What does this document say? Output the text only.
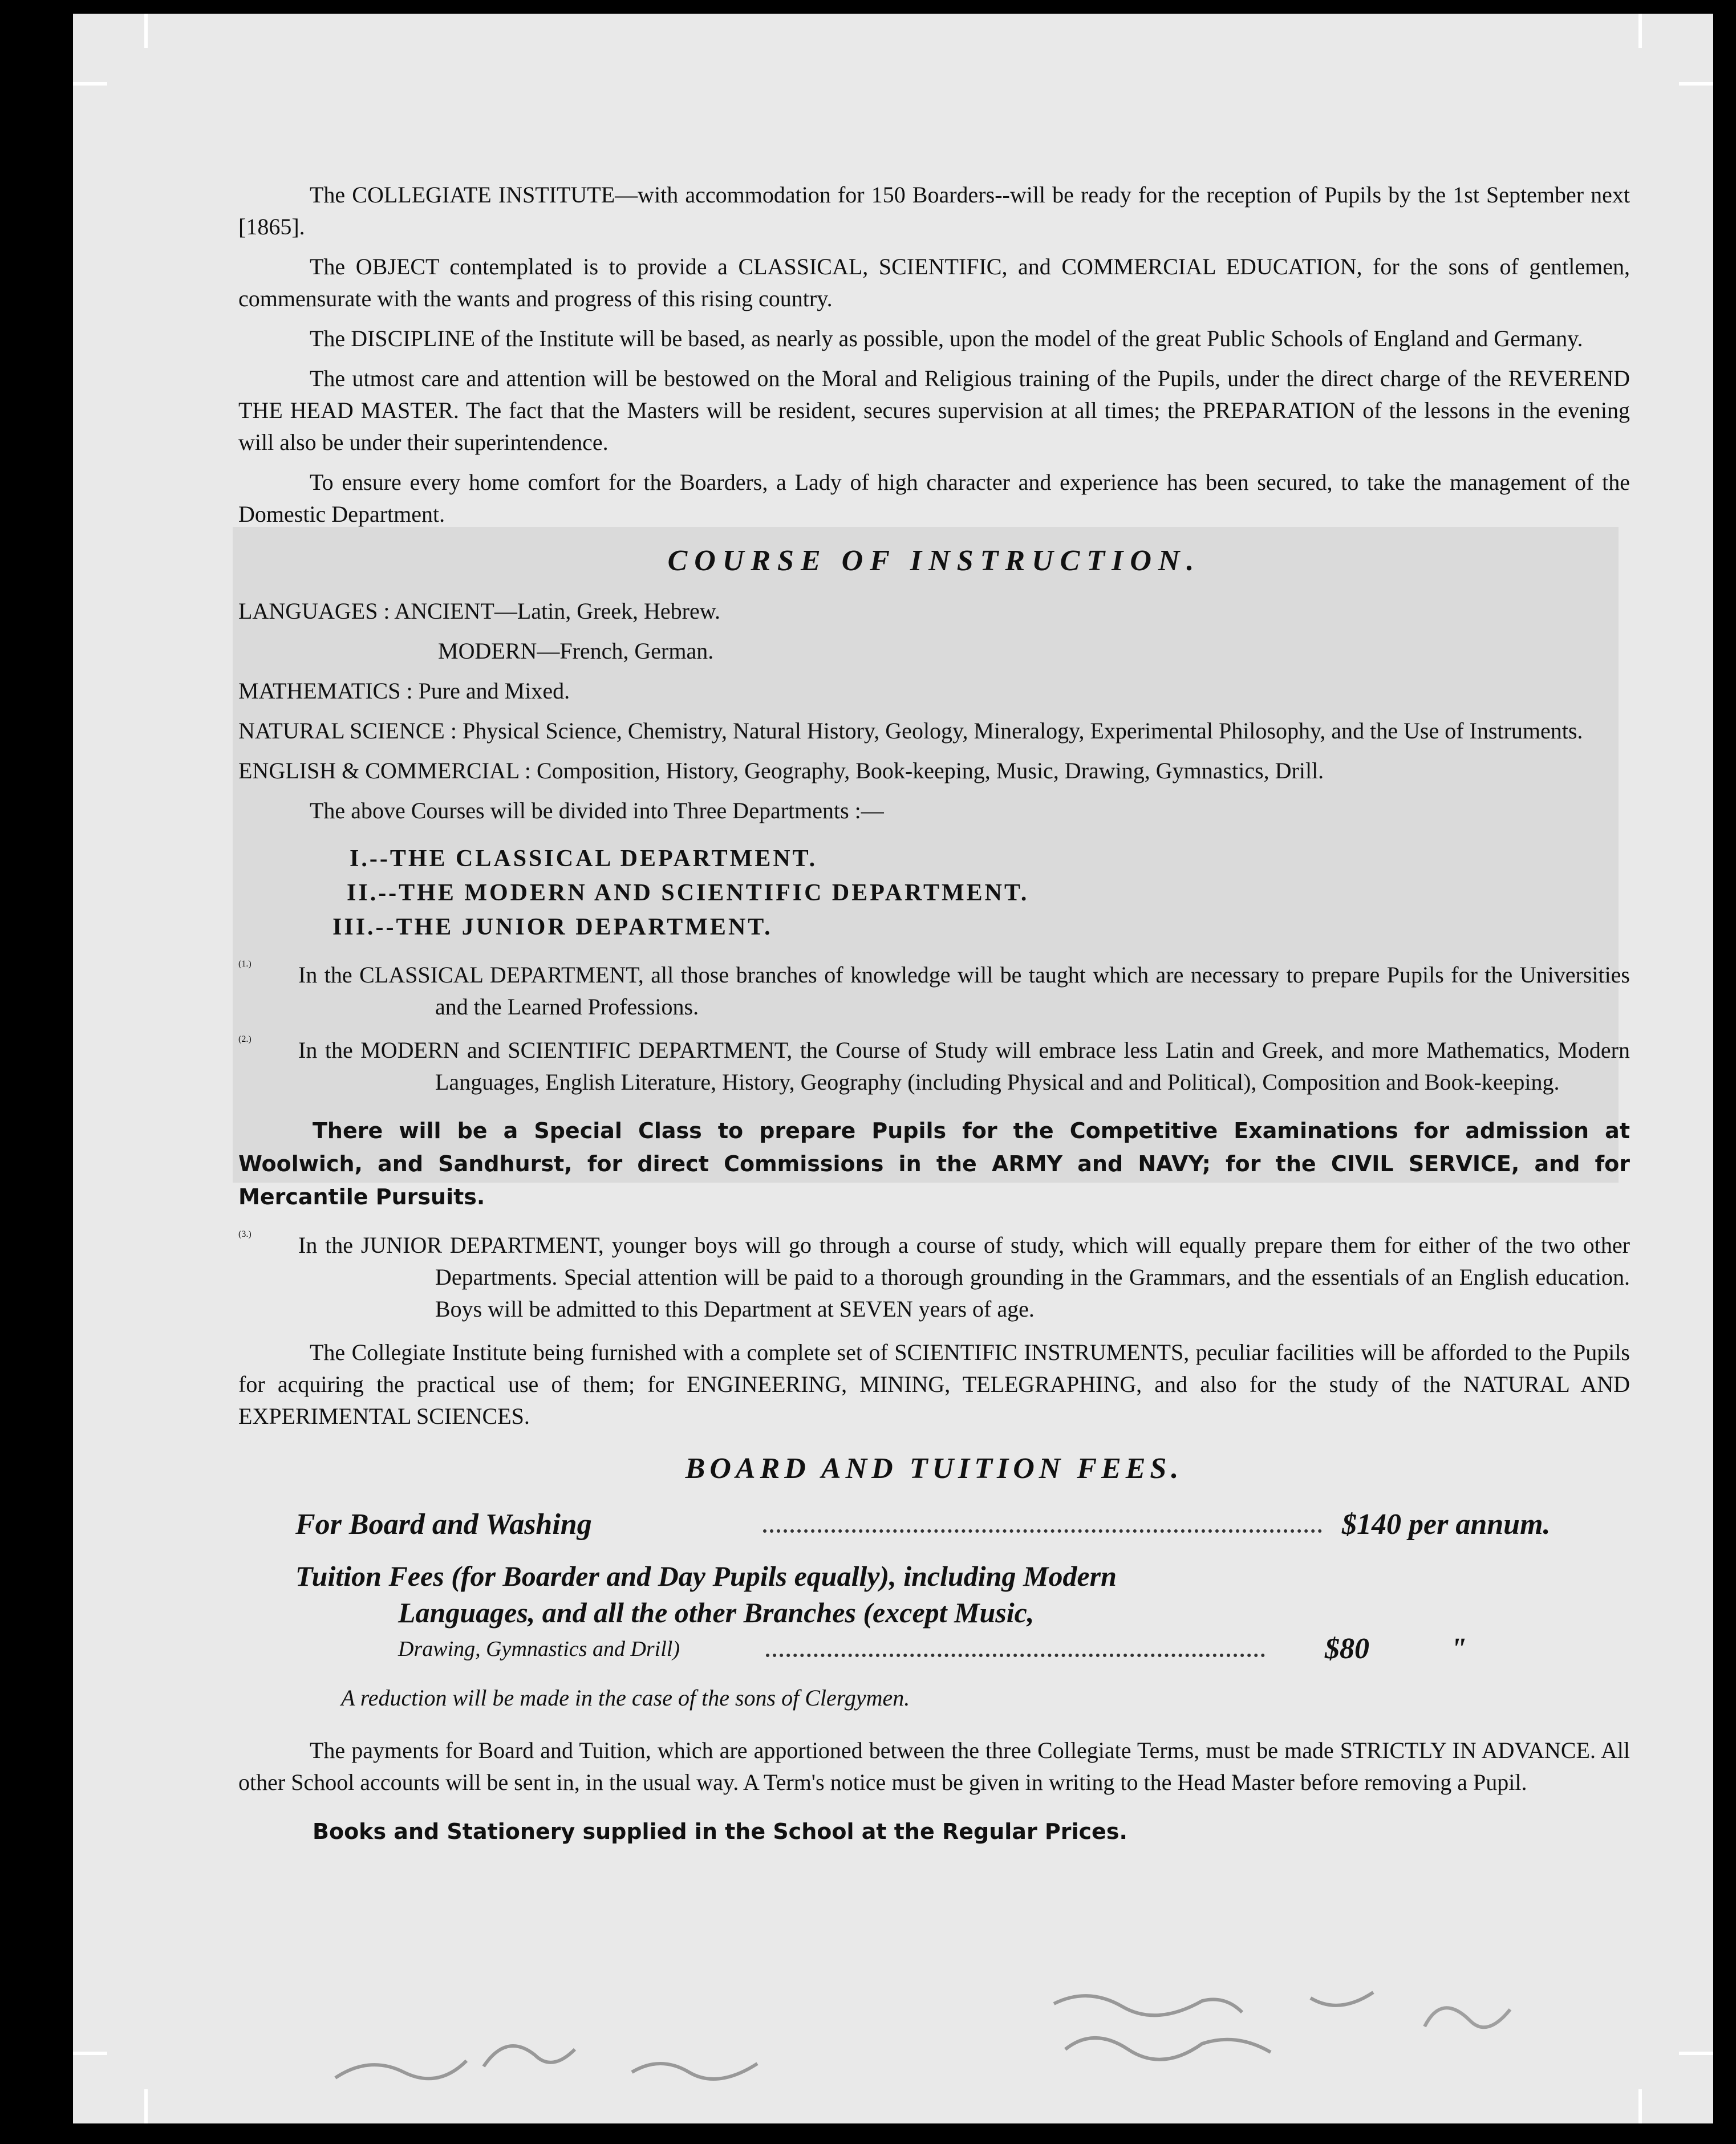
The COLLEGIATE INSTITUTE—with accommodation for 150 Boarders--will be ready for the reception of Pupils by the 1st September next [1865].

The OBJECT contemplated is to provide a CLASSICAL, SCIENTIFIC, and COMMERCIAL EDUCATION, for the sons of gentlemen, commensurate with the wants and progress of this rising country.

The DISCIPLINE of the Institute will be based, as nearly as possible, upon the model of the great Public Schools of England and Germany.

The utmost care and attention will be bestowed on the Moral and Religious training of the Pupils, under the direct charge of the REVEREND THE HEAD MASTER. The fact that the Masters will be resident, secures supervision at all times; the PREPARATION of the lessons in the evening will also be under their superintendence.

To ensure every home comfort for the Boarders, a Lady of high character and experience has been secured, to take the management of the Domestic Department.

COURSE OF INSTRUCTION.

LANGUAGES : ANCIENT—Latin, Greek, Hebrew.

MODERN—French, German.

MATHEMATICS : Pure and Mixed.

NATURAL SCIENCE : Physical Science, Chemistry, Natural History, Geology, Mineralogy, Experimental Philosophy, and the Use of Instruments.

ENGLISH & COMMERCIAL : Composition, History, Geography, Book-keeping, Music, Drawing, Gymnastics, Drill.

The above Courses will be divided into Three Departments :—

I.--THE CLASSICAL DEPARTMENT.
II.--THE MODERN AND SCIENTIFIC DEPARTMENT.
III.--THE JUNIOR DEPARTMENT.
(1.) In the CLASSICAL DEPARTMENT, all those branches of knowledge will be taught which are necessary to prepare Pupils for the Universities and the Learned Professions.

(2.) In the MODERN and SCIENTIFIC DEPARTMENT, the Course of Study will embrace less Latin and Greek, and more Mathematics, Modern Languages, English Literature, History, Geography (including Physical and and Political), Composition and Book-keeping.

There will be a Special Class to prepare Pupils for the Competitive Examinations for admission at Woolwich, and Sandhurst, for direct Commissions in the ARMY and NAVY; for the CIVIL SERVICE, and for Mercantile Pursuits.

(3.) In the JUNIOR DEPARTMENT, younger boys will go through a course of study, which will equally prepare them for either of the two other Departments. Special attention will be paid to a thorough grounding in the Grammars, and the essentials of an English education. Boys will be admitted to this Department at SEVEN years of age.

The Collegiate Institute being furnished with a complete set of SCIENTIFIC INSTRUMENTS, peculiar facilities will be afforded to the Pupils for acquiring the practical use of them; for ENGINEERING, MINING, TELEGRAPHING, and also for the study of the NATURAL AND EXPERIMENTAL SCIENCES.

BOARD AND TUITION FEES.

For Board and Washing	$140 per annum.
Tuition Fees (for Boarder and Day Pupils equally), including Modern
Languages, and all the other Branches (except Music,
Drawing, Gymnastics and Drill)	$80	"

A reduction will be made in the case of the sons of Clergymen.

The payments for Board and Tuition, which are apportioned between the three Collegiate Terms, must be made STRICTLY IN ADVANCE. All other School accounts will be sent in, in the usual way. A Term's notice must be given in writing to the Head Master before removing a Pupil.

Books and Stationery supplied in the School at the Regular Prices.
